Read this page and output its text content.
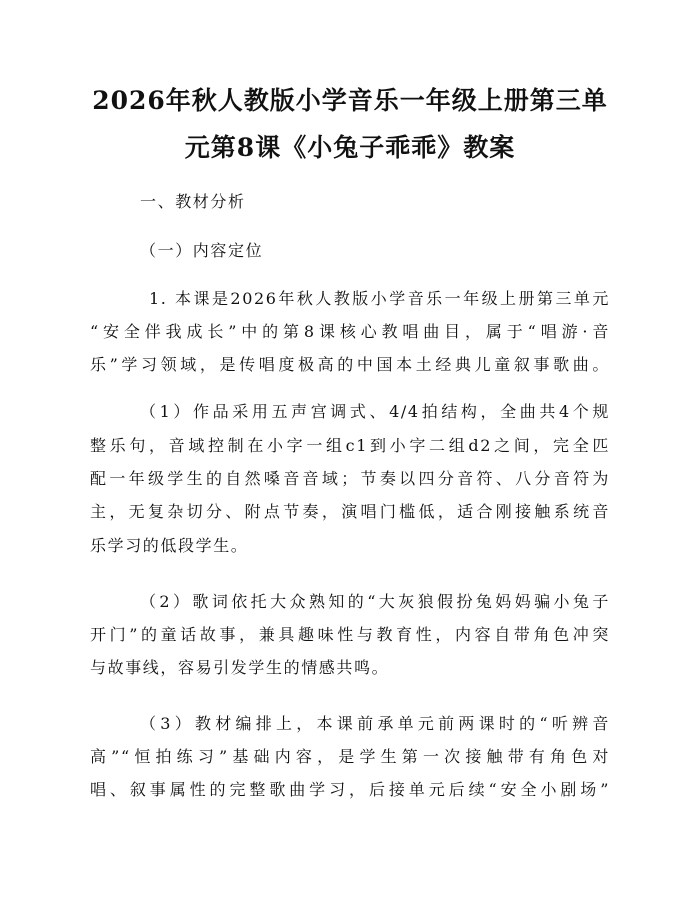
2026年秋人教版小学音乐一年级上册第三单
元第8课《小兔子乖乖》教案
一、教材分析
（一）内容定位
1. 本课是2026年秋人教版小学音乐一年级上册第三单元
“安全伴我成长”中的第8课核心教唱曲目，属于“唱游·音
乐”学习领域，是传唱度极高的中国本土经典儿童叙事歌曲。
（1）作品采用五声宫调式、4/4拍结构，全曲共4个规
整乐句，音域控制在小字一组c1到小字二组d2之间，完全匹
配一年级学生的自然嗓音音域；节奏以四分音符、八分音符为
主，无复杂切分、附点节奏，演唱门槛低，适合刚接触系统音
乐学习的低段学生。
（2）歌词依托大众熟知的“大灰狼假扮兔妈妈骗小兔子
开门”的童话故事，兼具趣味性与教育性，内容自带角色冲突
与故事线，容易引发学生的情感共鸣。
（3）教材编排上，本课前承单元前两课时的“听辨音
高”“恒拍练习”基础内容，是学生第一次接触带有角色对
唱、叙事属性的完整歌曲学习，后接单元后续“安全小剧场”
